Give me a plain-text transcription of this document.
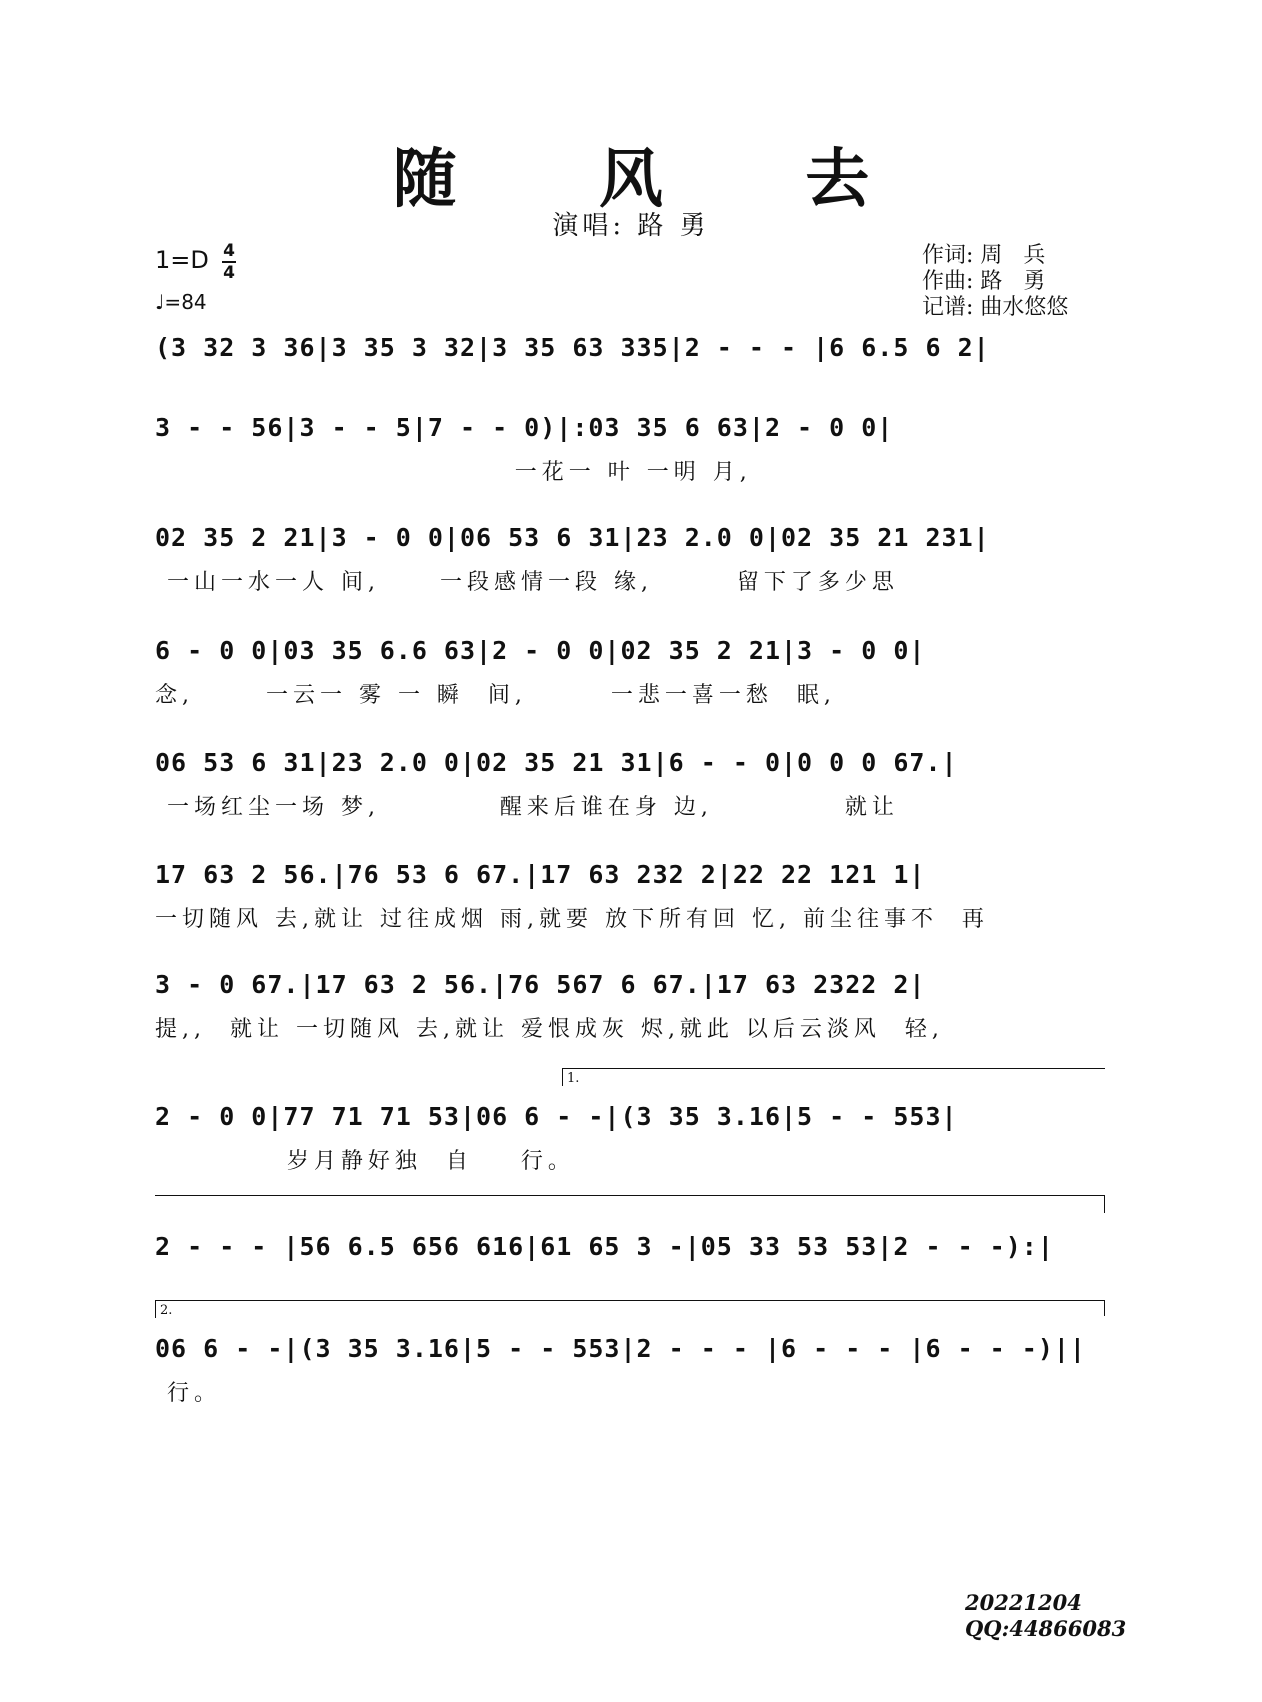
随 风 去
演唱: 路 勇
1=D 4
4
♩=84
作词: 周   兵
作曲: 路   勇
记谱: 曲水悠悠
(3 32 3 36|3 35 3 32|3 35 63 335|2 - - - |6 6.5 6 2|
3 - - 56|3 - - 5|7 - - 0)|:03 35 6 63|2 - 0 0|
一花一 叶 一明 月,
02 35 2 21|3 - 0 0|06 53 6 31|23 2.0 0|02 35 21 231|
一山一水一人 间,     一段感情一段 缘,       留下了多少思
6 - 0 0|03 35 6.6 63|2 - 0 0|02 35 2 21|3 - 0 0|
念,      一云一 雾 一 瞬  间,       一悲一喜一愁  眠,
06 53 6 31|23 2.0 0|02 35 21 31|6 - - 0|0 0 0 67.|
一场红尘一场 梦,          醒来后谁在身 边,           就让
17 63 2 56.|76 53 6 67.|17 63 232 2|22 22 121 1|
一切随风 去,就让 过往成烟 雨,就要 放下所有回 忆, 前尘往事不  再
3 - 0 67.|17 63 2 56.|76 567 6 67.|17 63 2322 2|
提,,  就让 一切随风 去,就让 爱恨成灰 烬,就此 以后云淡风  轻,
1.
2 - 0 0|77 71 71 53|06 6 - -|(3 35 3.16|5 - - 553|
岁月静好独  自    行。
2 - - - |56 6.5 656 616|61 65 3 -|05 33 53 53|2 - - -):|
2.
06 6 - -|(3 35 3.16|5 - - 553|2 - - - |6 - - - |6 - - -)||
行。
20221204
QQ:44866083
